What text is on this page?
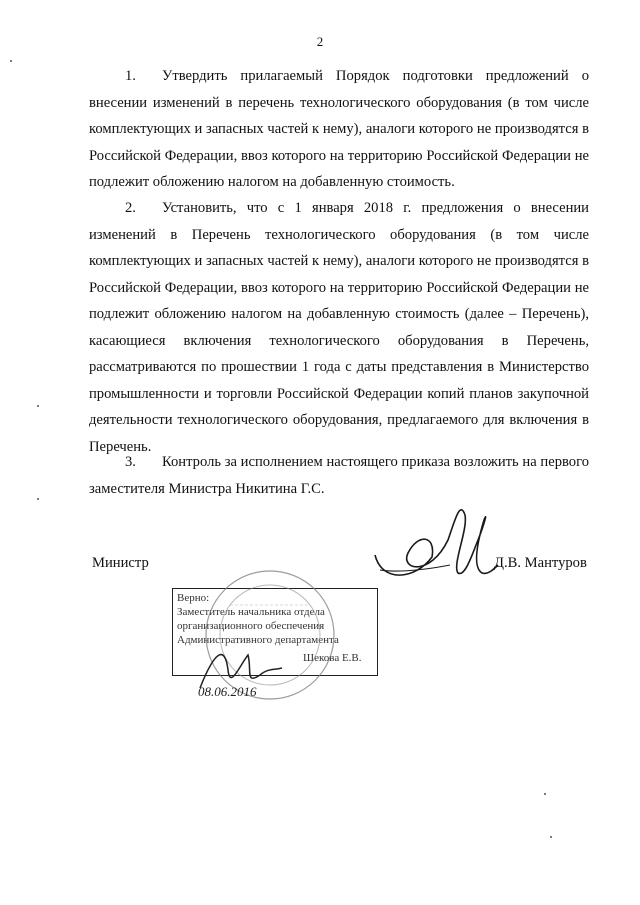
2

1. Утвердить прилагаемый Порядок подготовки предложений о внесении изменений в перечень технологического оборудования (в том числе комплектующих и запасных частей к нему), аналоги которого не производятся в Российской Федерации, ввоз которого на территорию Российской Федерации не подлежит обложению налогом на добавленную стоимость.

2. Установить, что с 1 января 2018 г. предложения о внесении изменений в Перечень технологического оборудования (в том числе комплектующих и запасных частей к нему), аналоги которого не производятся в Российской Федерации, ввоз которого на территорию Российской Федерации не подлежит обложению налогом на добавленную стоимость (далее – Перечень), касающиеся включения технологического оборудования в Перечень, рассматриваются по прошествии 1 года с даты представления в Министерство промышленности и торговли Российской Федерации копий планов закупочной деятельности технологического оборудования, предлагаемого для включения в Перечень.

3. Контроль за исполнением настоящего приказа возложить на первого заместителя Министра Никитина Г.С.

Министр	Д.В. Мантуров
Верно:
Заместитель начальника отдела
организационного обеспечения
Административного департамента
Шекова Е.В.
08.06.2016
